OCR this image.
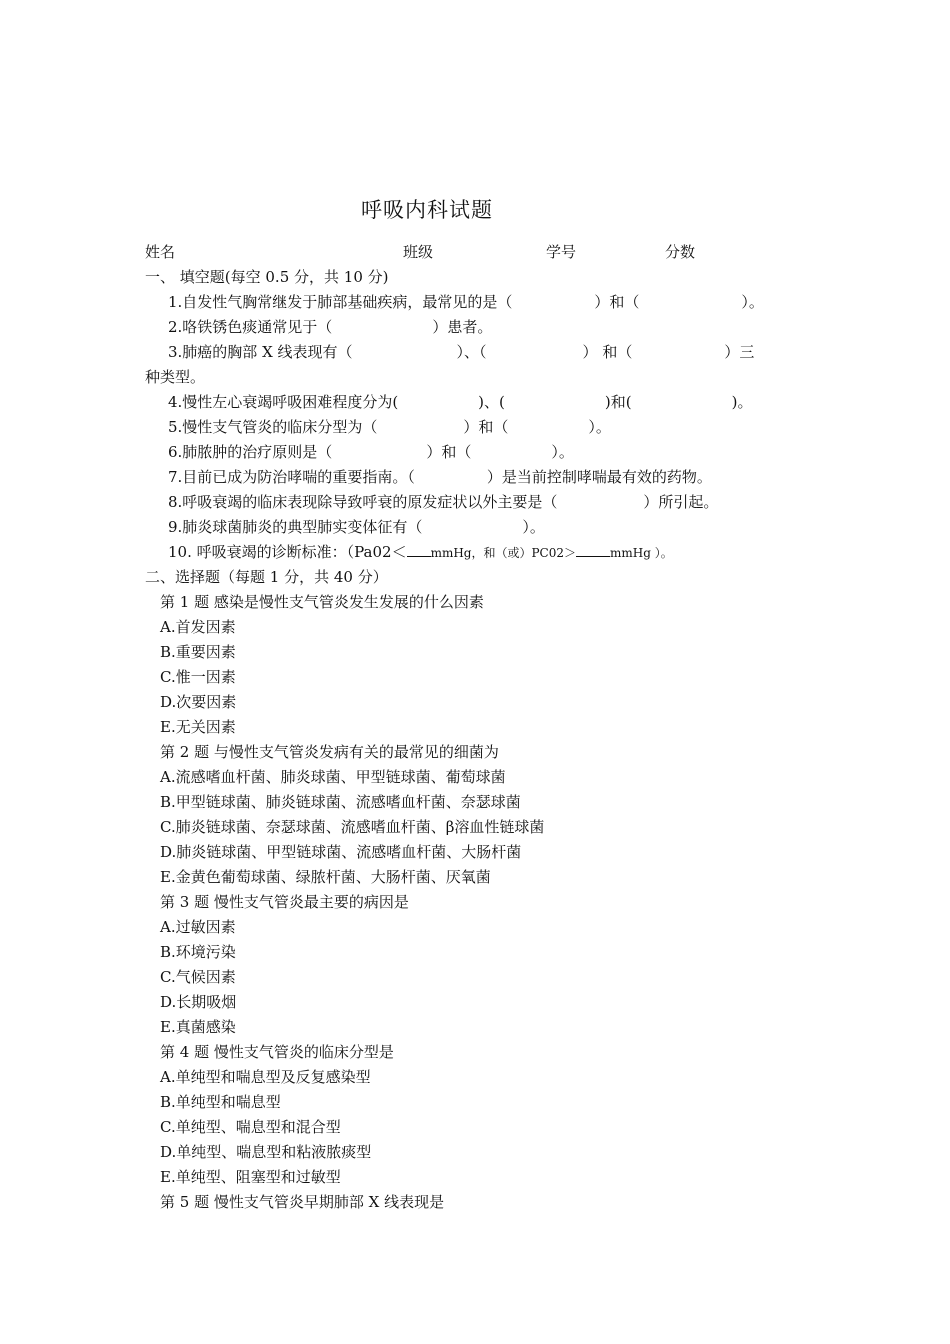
呼吸内科试题
姓名	班级	学号	分数
一、 填空题(每空 0.5 分，共 10 分)
1.自发性气胸常继发于肺部基础疾病，最常见的是（	）和（	）。
2.咯铁锈色痰通常见于（	）患者。
3.肺癌的胸部 X 线表现有（	）、（	） 和（	）三
种类型。
4.慢性左心衰竭呼吸困难程度分为(	)、(	)和(	)。
5.慢性支气管炎的临床分型为（	）和（	）。
6.肺脓肿的治疗原则是（	）和（	）。
7.目前已成为防治哮喘的重要指南。（	）是当前控制哮喘最有效的药物。
8.呼吸衰竭的临床表现除导致呼衰的原发症状以外主要是（	）所引起。
9.肺炎球菌肺炎的典型肺实变体征有（	）。
10. 呼吸衰竭的诊断标准：（Pa02＜ mmHg，和（或）PC02＞	mmHg ）。
二、选择题（每题 1 分，共 40 分）
第 1 题 感染是慢性支气管炎发生发展的什么因素
A.首发因素
B.重要因素
C.惟一因素
D.次要因素
E.无关因素
第 2 题 与慢性支气管炎发病有关的最常见的细菌为
A.流感嗜血杆菌、肺炎球菌、甲型链球菌、葡萄球菌
B.甲型链球菌、肺炎链球菌、流感嗜血杆菌、奈瑟球菌
C.肺炎链球菌、奈瑟球菌、流感嗜血杆菌、β溶血性链球菌
D.肺炎链球菌、甲型链球菌、流感嗜血杆菌、大肠杆菌
E.金黄色葡萄球菌、绿脓杆菌、大肠杆菌、厌氧菌
第 3 题 慢性支气管炎最主要的病因是
A.过敏因素
B.环境污染
C.气候因素
D.长期吸烟
E.真菌感染
第 4 题 慢性支气管炎的临床分型是
A.单纯型和喘息型及反复感染型
B.单纯型和喘息型
C.单纯型、喘息型和混合型
D.单纯型、喘息型和粘液脓痰型
E.单纯型、阻塞型和过敏型
第 5 题 慢性支气管炎早期肺部 X 线表现是
